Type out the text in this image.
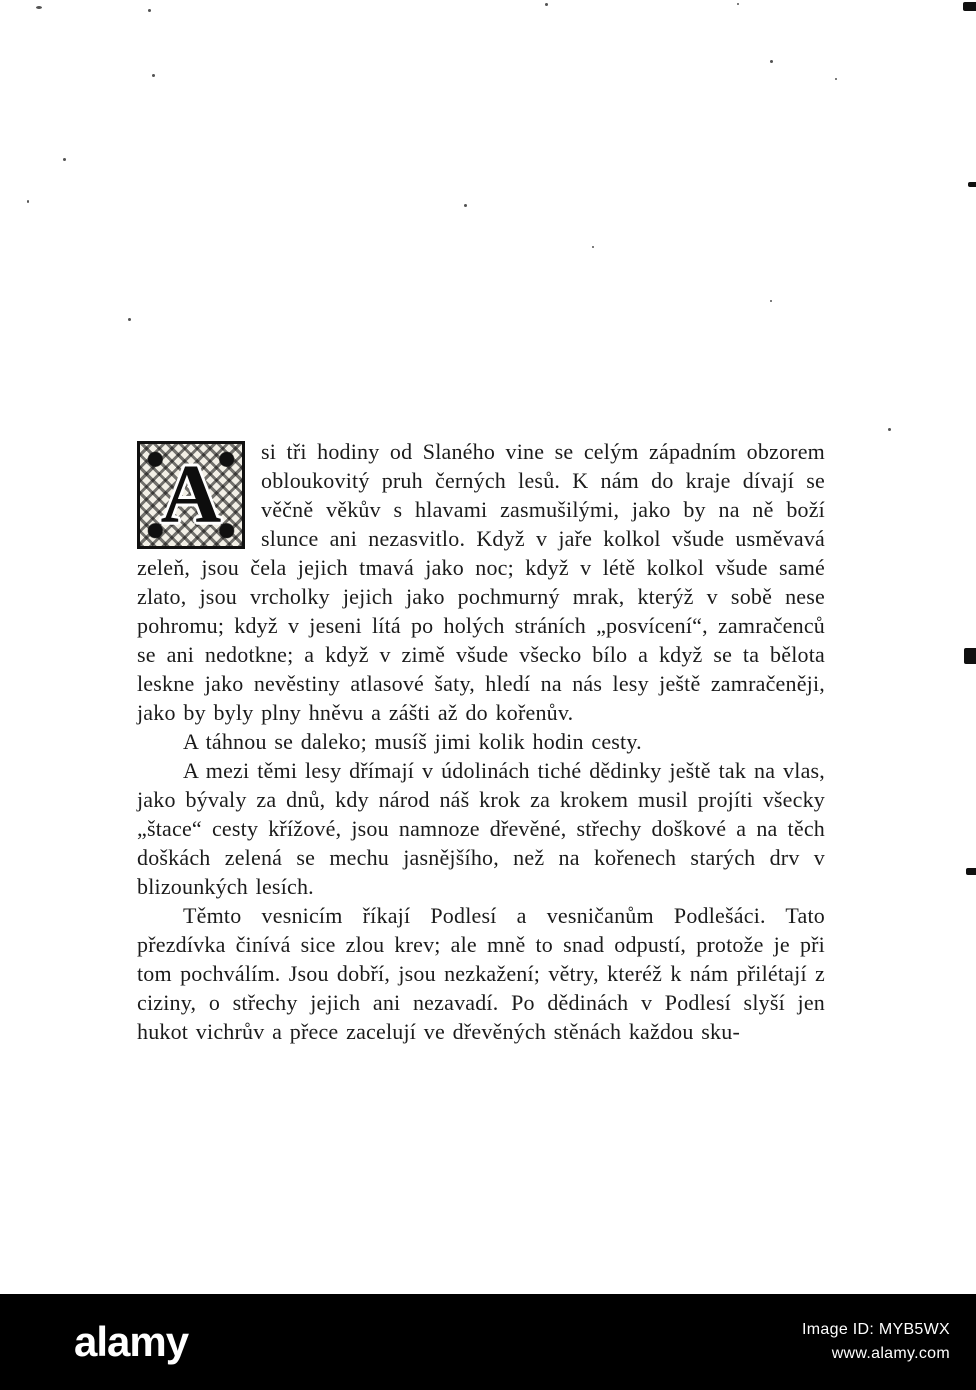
A	si tři hodiny od Slaného vine se celým západním obzorem obloukovitý pruh černých lesů. K nám do kraje dívají se věčně věkův s hlavami zasmušilými, jako by na ně boží slunce ani nezasvitlo. Když v jaře kolkol všude usměvavá zeleň, jsou čela jejich tmavá jako noc; když v létě kolkol všude samé zlato, jsou vrcholky jejich jako pochmurný mrak, kterýž v sobě nese pohromu; když v jeseni lítá po holých stráních „posvícení“, zamračenců se ani nedotkne; a když v zimě všude všecko bílo a když se ta bělota leskne jako nevěstiny atlasové šaty, hledí na nás lesy ještě zamračeněji, jako by byly plny hněvu a zášti až do kořenův.

A táhnou se daleko; musíš jimi kolik hodin cesty.

A mezi těmi lesy dřímají v údolinách tiché dědinky ještě tak na vlas, jako bývaly za dnů, kdy národ náš krok za krokem musil projíti všecky „štace“ cesty křížové, jsou namnoze dřevěné, střechy doškové a na těch doškách zelená se mechu jasnějšího, než na kořenech starých drv v blizounkých lesích.

Těmto vesnicím říkají Podlesí a vesničanům Podlešáci. Tato přezdívka činívá sice zlou krev; ale mně to snad odpustí, protože je při tom pochválím. Jsou dobří, jsou nezkažení; větry, kteréž k nám přilétají z ciziny, o střechy jejich ani nezavadí. Po dědinách v Podlesí slyší jen hukot vichrův a přece zacelují ve dřevěných stěnách každou sku-

alamy	Image ID: MYB5WX
www.alamy.com
